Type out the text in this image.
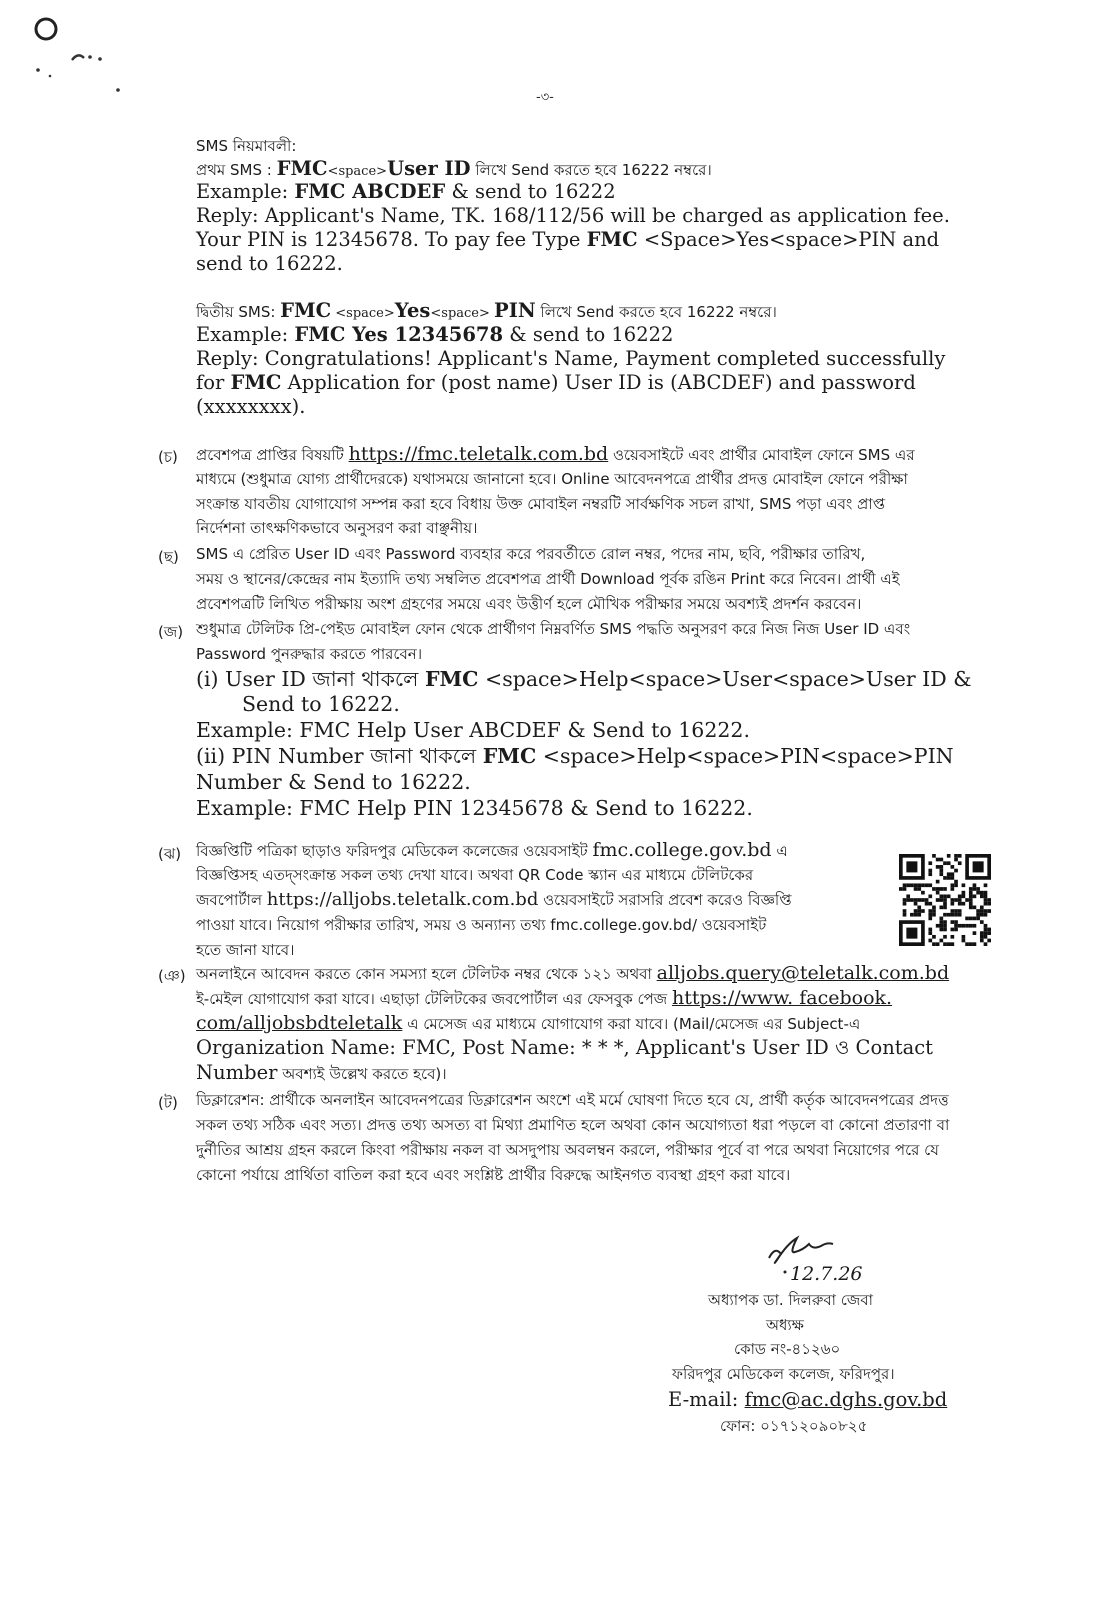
-৩-
SMS নিয়মাবলী:
প্রথম SMS : FMC<space>User ID লিখে Send করতে হবে 16222 নম্বরে।
Example: FMC ABCDEF & send to 16222
Reply: Applicant's Name, TK. 168/112/56 will be charged as application fee.
Your PIN is 12345678. To pay fee Type FMC <Space>Yes<space>PIN and
send to 16222.
দ্বিতীয় SMS: FMC <space>Yes<space> PIN লিখে Send করতে হবে 16222 নম্বরে।
Example: FMC Yes 12345678 & send to 16222
Reply: Congratulations! Applicant's Name, Payment completed successfully
for FMC Application for (post name) User ID is (ABCDEF) and password
(xxxxxxxx).
(চ) প্রবেশপত্র প্রাপ্তির বিষয়টি https://fmc.teletalk.com.bd ওয়েবসাইটে এবং প্রার্থীর মোবাইল ফোনে SMS এর
মাধ্যমে (শুধুমাত্র যোগ্য প্রার্থীদেরকে) যথাসময়ে জানানো হবে। Online আবেদনপত্রে প্রার্থীর প্রদত্ত মোবাইল ফোনে পরীক্ষা
সংক্রান্ত যাবতীয় যোগাযোগ সম্পন্ন করা হবে বিধায় উক্ত মোবাইল নম্বরটি সার্বক্ষণিক সচল রাখা, SMS পড়া এবং প্রাপ্ত
নির্দেশনা তাৎক্ষণিকভাবে অনুসরণ করা বাঞ্ছনীয়।
(ছ) SMS এ প্রেরিত User ID এবং Password ব্যবহার করে পরবর্তীতে রোল নম্বর, পদের নাম, ছবি, পরীক্ষার তারিখ,
সময় ও স্থানের/কেন্দ্রের নাম ইত্যাদি তথ্য সম্বলিত প্রবেশপত্র প্রার্থী Download পূর্বক রঙিন Print করে নিবেন। প্রার্থী এই
প্রবেশপত্রটি লিখিত পরীক্ষায় অংশ গ্রহণের সময়ে এবং উত্তীর্ণ হলে মৌখিক পরীক্ষার সময়ে অবশ্যই প্রদর্শন করবেন।
(জ) শুধুমাত্র টেলিটক প্রি-পেইড মোবাইল ফোন থেকে প্রার্থীগণ নিম্নবর্ণিত SMS পদ্ধতি অনুসরণ করে নিজ নিজ User ID এবং
Password পুনরুদ্ধার করতে পারবেন।
(i) User ID জানা থাকলে FMC <space>Help<space>User<space>User ID &
Send to 16222.
Example: FMC Help User ABCDEF & Send to 16222.
(ii) PIN Number জানা থাকলে FMC <space>Help<space>PIN<space>PIN
Number & Send to 16222.
Example: FMC Help PIN 12345678 & Send to 16222.
(ঝ) বিজ্ঞপ্তিটি পত্রিকা ছাড়াও ফরিদপুর মেডিকেল কলেজের ওয়েবসাইট fmc.college.gov.bd এ
বিজ্ঞপ্তিসহ এতদ্সংক্রান্ত সকল তথ্য দেখা যাবে। অথবা QR Code স্ক্যান এর মাধ্যমে টেলিটকের
জবপোর্টাল https://alljobs.teletalk.com.bd ওয়েবসাইটে সরাসরি প্রবেশ করেও বিজ্ঞপ্তি
পাওয়া যাবে। নিয়োগ পরীক্ষার তারিখ, সময় ও অন্যান্য তথ্য fmc.college.gov.bd/ ওয়েবসাইট
হতে জানা যাবে।
(ঞ) অনলাইনে আবেদন করতে কোন সমস্যা হলে টেলিটক নম্বর থেকে ১২১ অথবা alljobs.query@teletalk.com.bd
ই-মেইল যোগাযোগ করা যাবে। এছাড়া টেলিটকের জবপোর্টাল এর ফেসবুক পেজ https://www. facebook.
com/alljobsbdteletalk এ মেসেজ এর মাধ্যমে যোগাযোগ করা যাবে। (Mail/মেসেজ এর Subject-এ
Organization Name: FMC, Post Name: * * *, Applicant's User ID ও Contact
Number অবশ্যই উল্লেখ করতে হবে)।
(ট) ডিক্লারেশন: প্রার্থীকে অনলাইন আবেদনপত্রের ডিক্লারেশন অংশে এই মর্মে ঘোষণা দিতে হবে যে, প্রার্থী কর্তৃক আবেদনপত্রের প্রদত্ত
সকল তথ্য সঠিক এবং সত্য। প্রদত্ত তথ্য অসত্য বা মিথ্যা প্রমাণিত হলে অথবা কোন অযোগ্যতা ধরা পড়লে বা কোনো প্রতারণা বা
দুর্নীতির আশ্রয় গ্রহন করলে কিংবা পরীক্ষায় নকল বা অসদুপায় অবলম্বন করলে, পরীক্ষার পূর্বে বা পরে অথবা নিয়োগের পরে যে
কোনো পর্যায়ে প্রার্থিতা বাতিল করা হবে এবং সংশ্লিষ্ট প্রার্থীর বিরুদ্ধে আইনগত ব্যবস্থা গ্রহণ করা যাবে।
12.7.26
অধ্যাপক ডা. দিলরুবা জেবা
অধ্যক্ষ
কোড নং-৪১২৬০
ফরিদপুর মেডিকেল কলেজ, ফরিদপুর।
E-mail: fmc@ac.dghs.gov.bd
ফোন: ০১৭১২০৯০৮২৫
